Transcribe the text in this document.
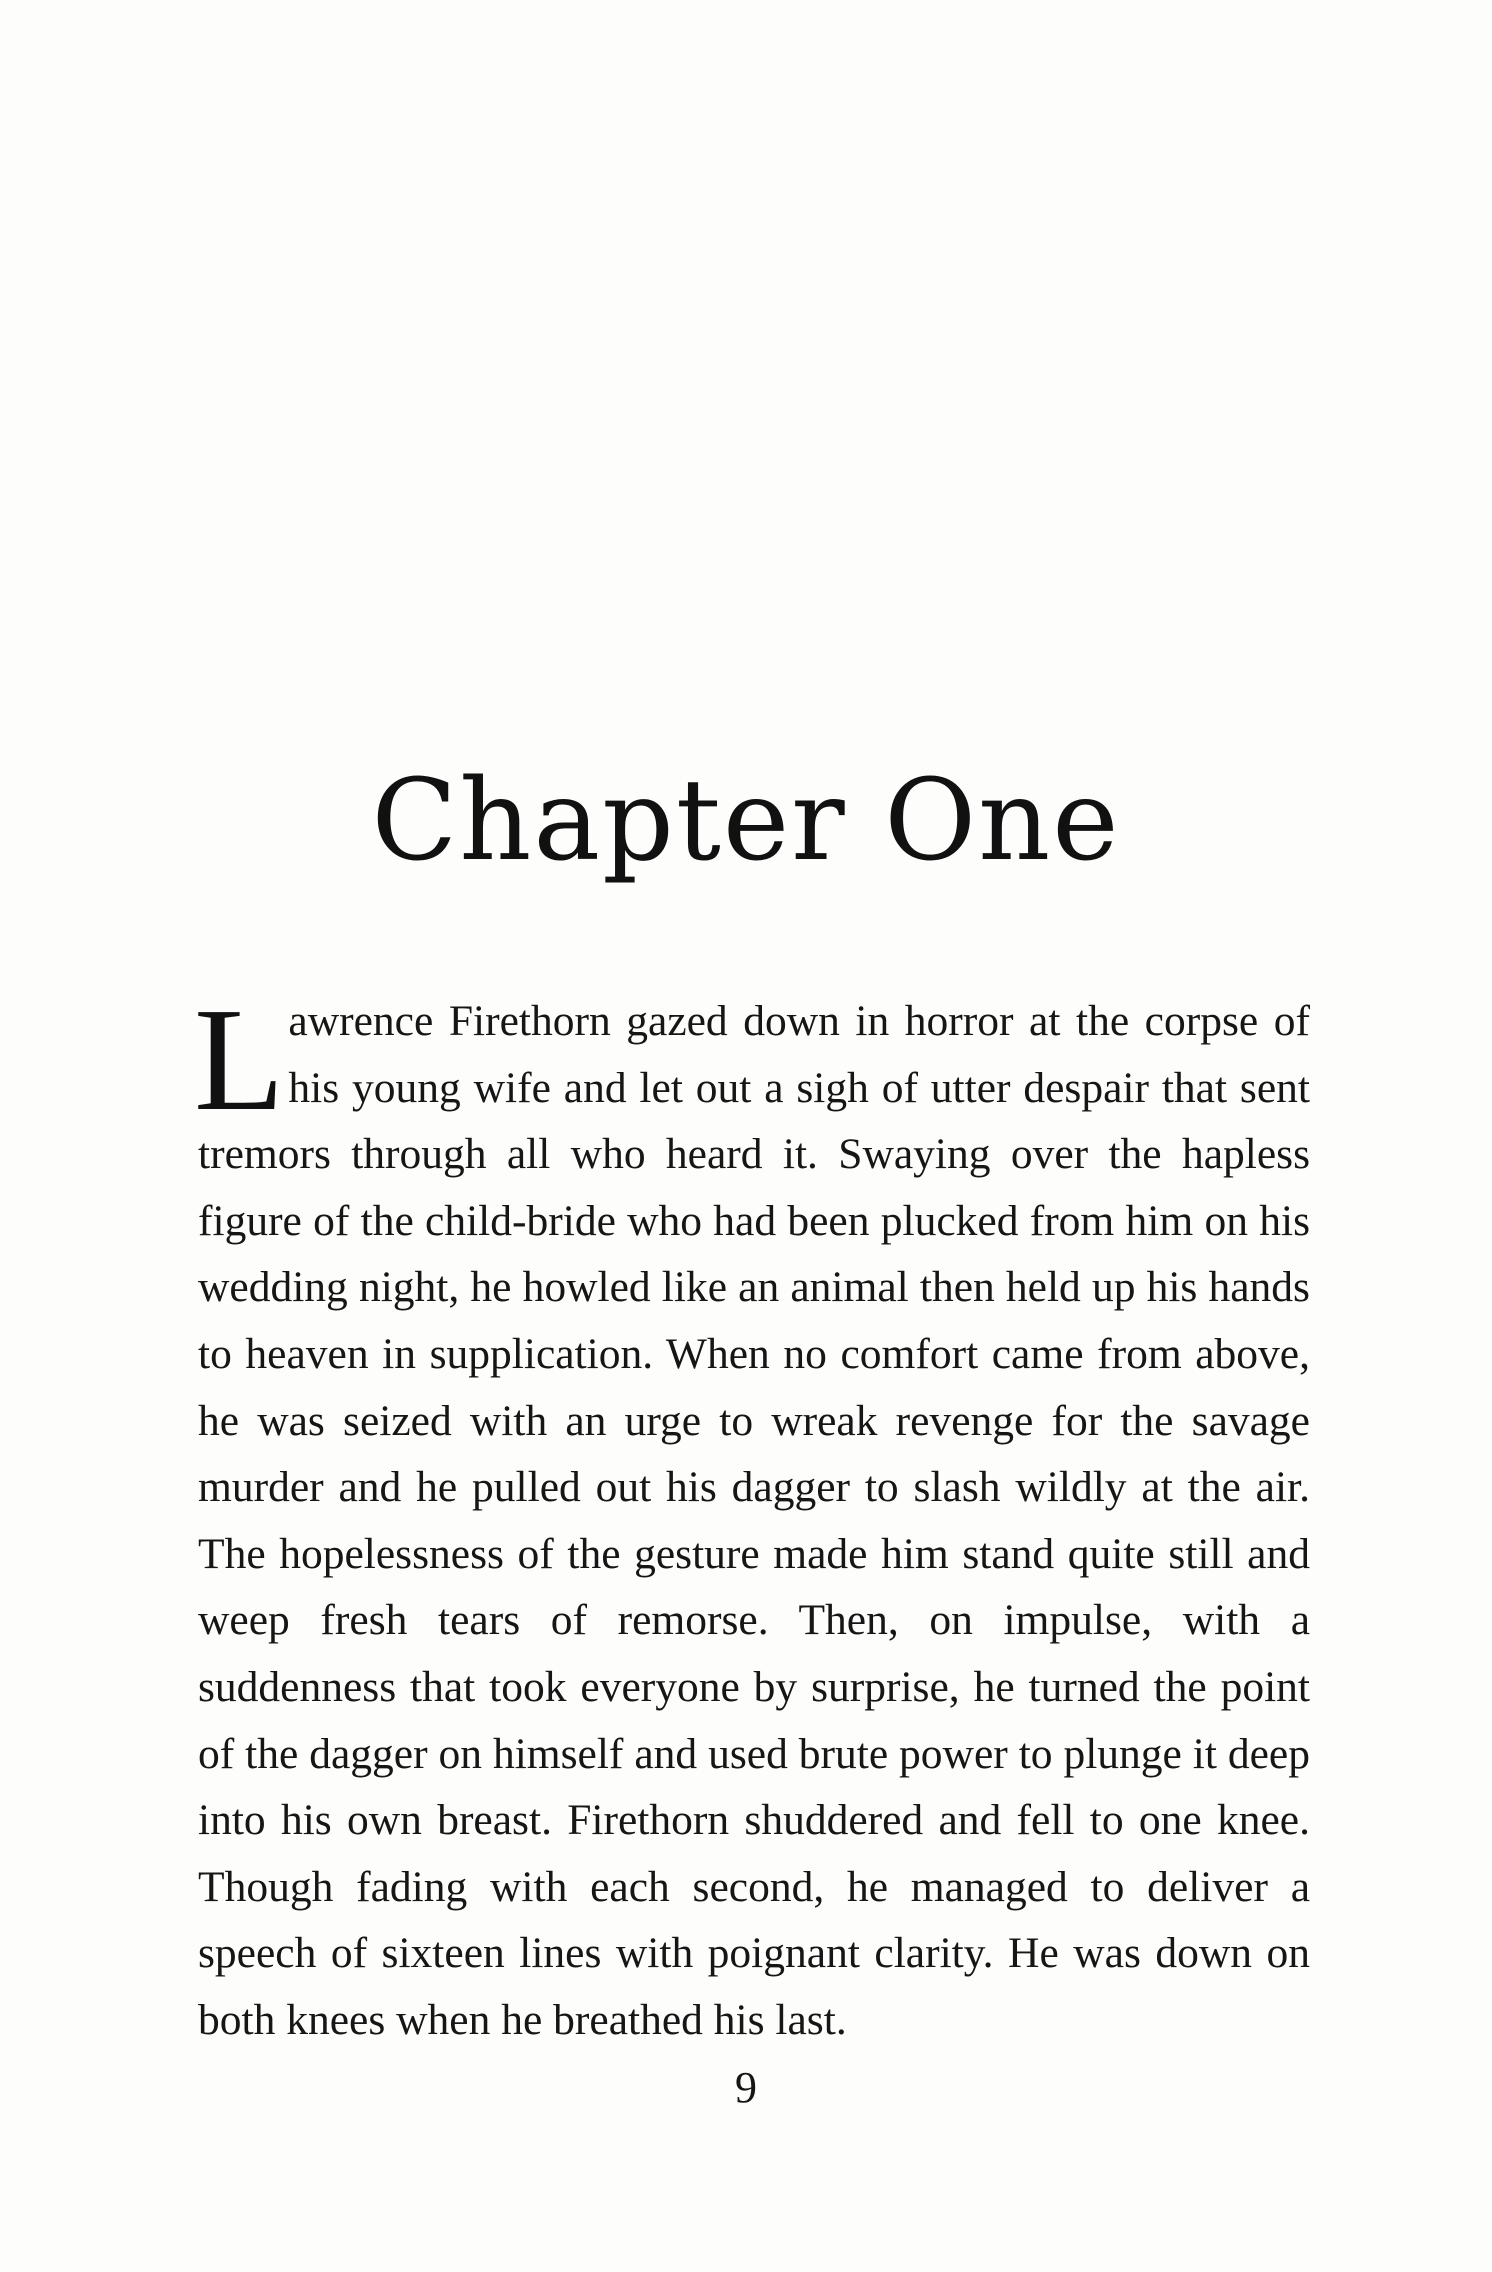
Chapter One
Lawrence Firethorn gazed down in horror at the corpse of his young wife and let out a sigh of utter despair that sent tremors through all who heard it. Swaying over the hapless figure of the child-bride who had been plucked from him on his wedding night, he howled like an animal then held up his hands to heaven in supplication. When no comfort came from above, he was seized with an urge to wreak revenge for the savage murder and he pulled out his dagger to slash wildly at the air. The hopelessness of the gesture made him stand quite still and weep fresh tears of remorse. Then, on impulse, with a suddenness that took everyone by surprise, he turned the point of the dagger on himself and used brute power to plunge it deep into his own breast. Firethorn shuddered and fell to one knee. Though fading with each second, he managed to deliver a speech of sixteen lines with poignant clarity. He was down on both knees when he breathed his last.
9
